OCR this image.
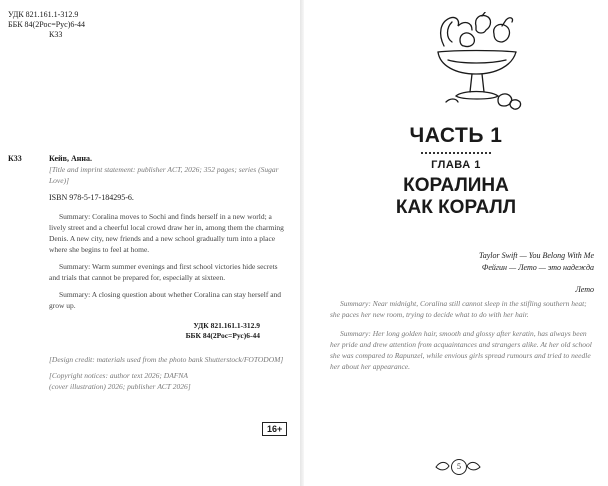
УДК 821.161.1-312.9
ББК 84(2Рос=Рус)6-44
К33
К33	Кейв, Анна.
[Title and imprint statement: publisher ACT, 2026; 352 pages; series (Sugar Love)]
ISBN 978-5-17-184295-6.

Summary: Coralina moves to Sochi and finds herself in a new world; a lively street and a cheerful local crowd draw her in, among them the charming Denis. A new city, new friends and a new school gradually turn into a place where she begins to feel at home.

Summary: Warm summer evenings and first school victories hide secrets and trials that cannot be prepared for, especially at sixteen.

Summary: A closing question about whether Coralina can stay herself and grow up.

УДК 821.161.1-312.9
ББК 84(2Рос=Рус)6-44
[Design credit: materials used from the photo bank Shutterstock/FOTODOM]
[Copyright notices: author text 2026; DAFNA (cover illustration) 2026; publisher АСТ 2026]
16+
ЧАСТЬ 1
ГЛАВА 1
КОРАЛИНА
КАК КОРАЛЛ
Taylor Swift — You Belong With Me
Фейгин — Лето — это надежда
Лето

Summary: Near midnight, Coralina still cannot sleep in the stifling southern heat; she paces her new room, trying to decide what to do with her hair.

Summary: Her long golden hair, smooth and glossy after keratin, has always been her pride and drew attention from acquaintances and strangers alike. At her old school she was compared to Rapunzel, while envious girls spread rumours and tried to needle her about her appearance.

5
